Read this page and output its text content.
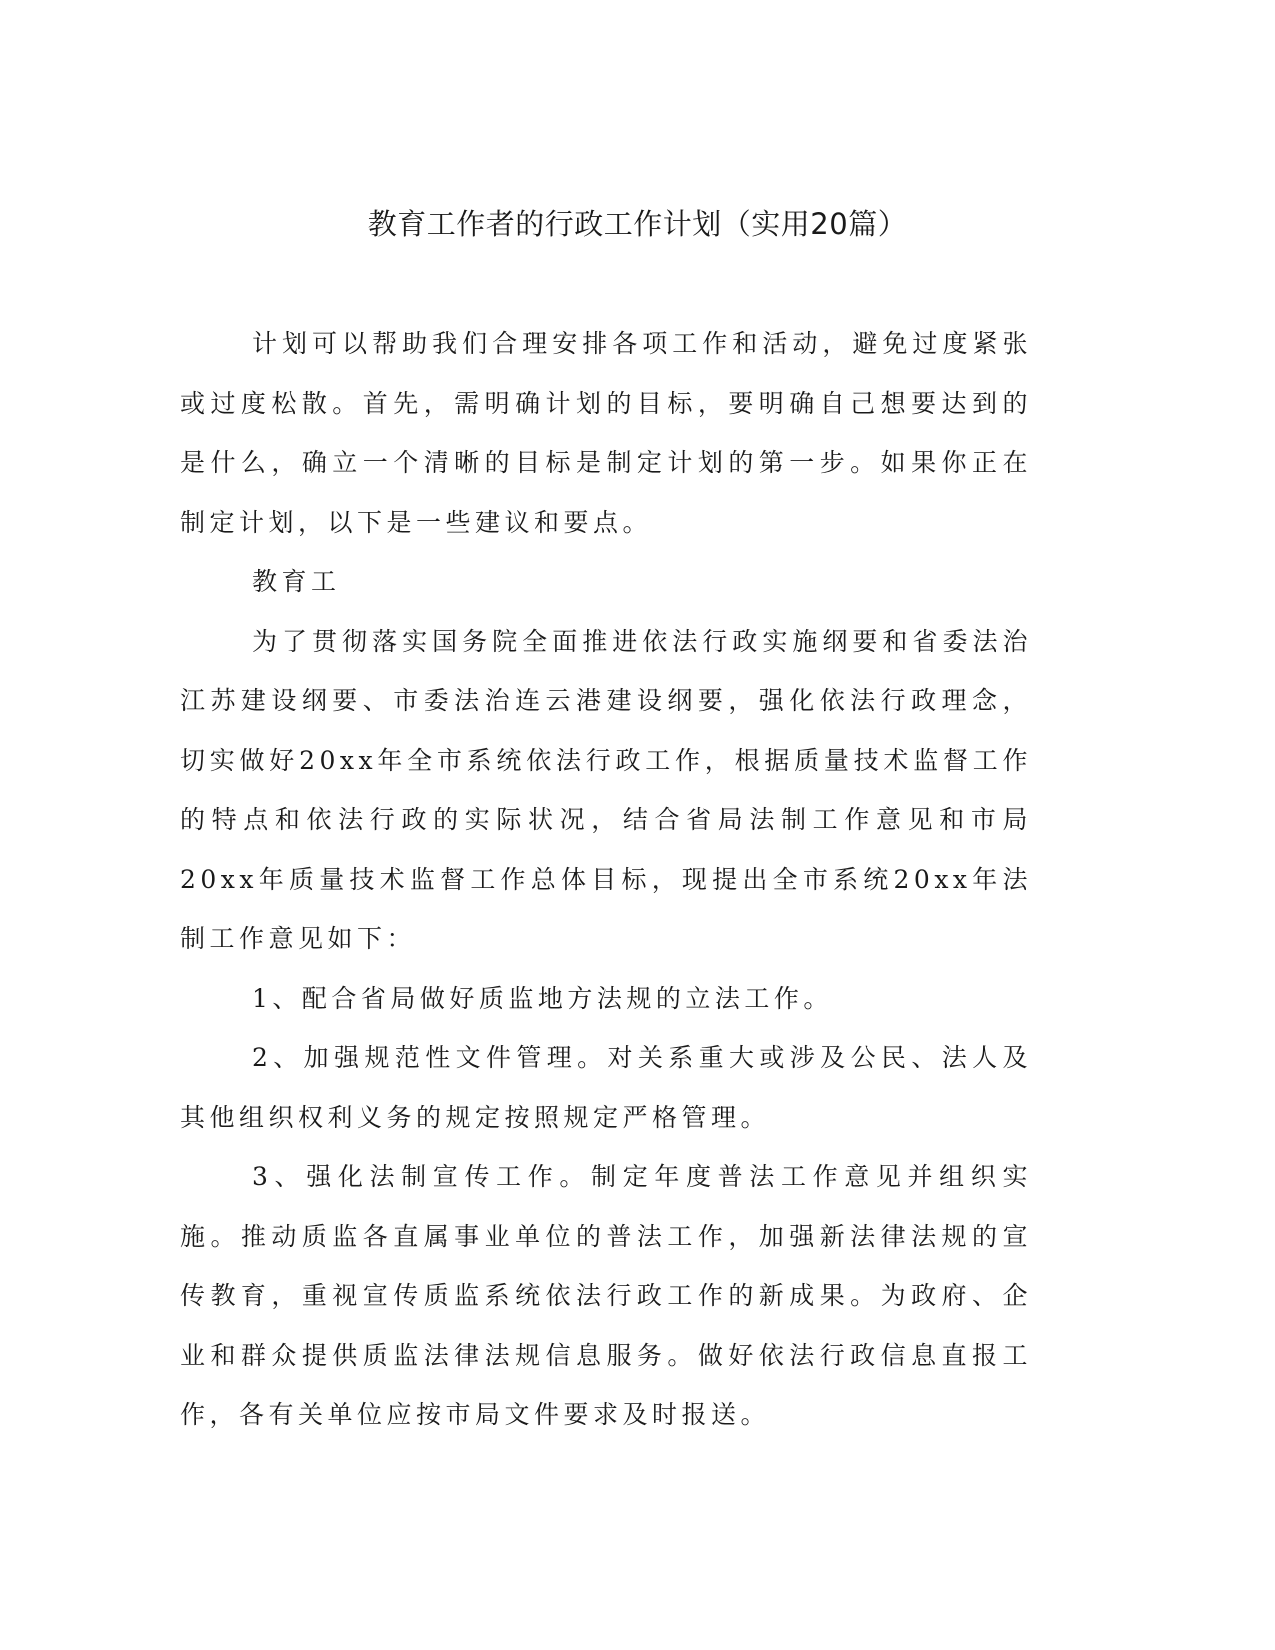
教育工作者的行政工作计划（实用20篇）

计划可以帮助我们合理安排各项工作和活动，避免过度紧张或过度松散。首先，需明确计划的目标，要明确自己想要达到的是什么，确立一个清晰的目标是制定计划的第一步。如果你正在制定计划，以下是一些建议和要点。

教育工

为了贯彻落实国务院全面推进依法行政实施纲要和省委法治江苏建设纲要、市委法治连云港建设纲要，强化依法行政理念，切实做好20xx年全市系统依法行政工作，根据质量技术监督工作的特点和依法行政的实际状况，结合省局法制工作意见和市局20xx年质量技术监督工作总体目标，现提出全市系统20xx年法制工作意见如下：

1、配合省局做好质监地方法规的立法工作。

2、加强规范性文件管理。对关系重大或涉及公民、法人及其他组织权利义务的规定按照规定严格管理。

3、强化法制宣传工作。制定年度普法工作意见并组织实施。推动质监各直属事业单位的普法工作，加强新法律法规的宣传教育，重视宣传质监系统依法行政工作的新成果。为政府、企业和群众提供质监法律法规信息服务。做好依法行政信息直报工作，各有关单位应按市局文件要求及时报送。
